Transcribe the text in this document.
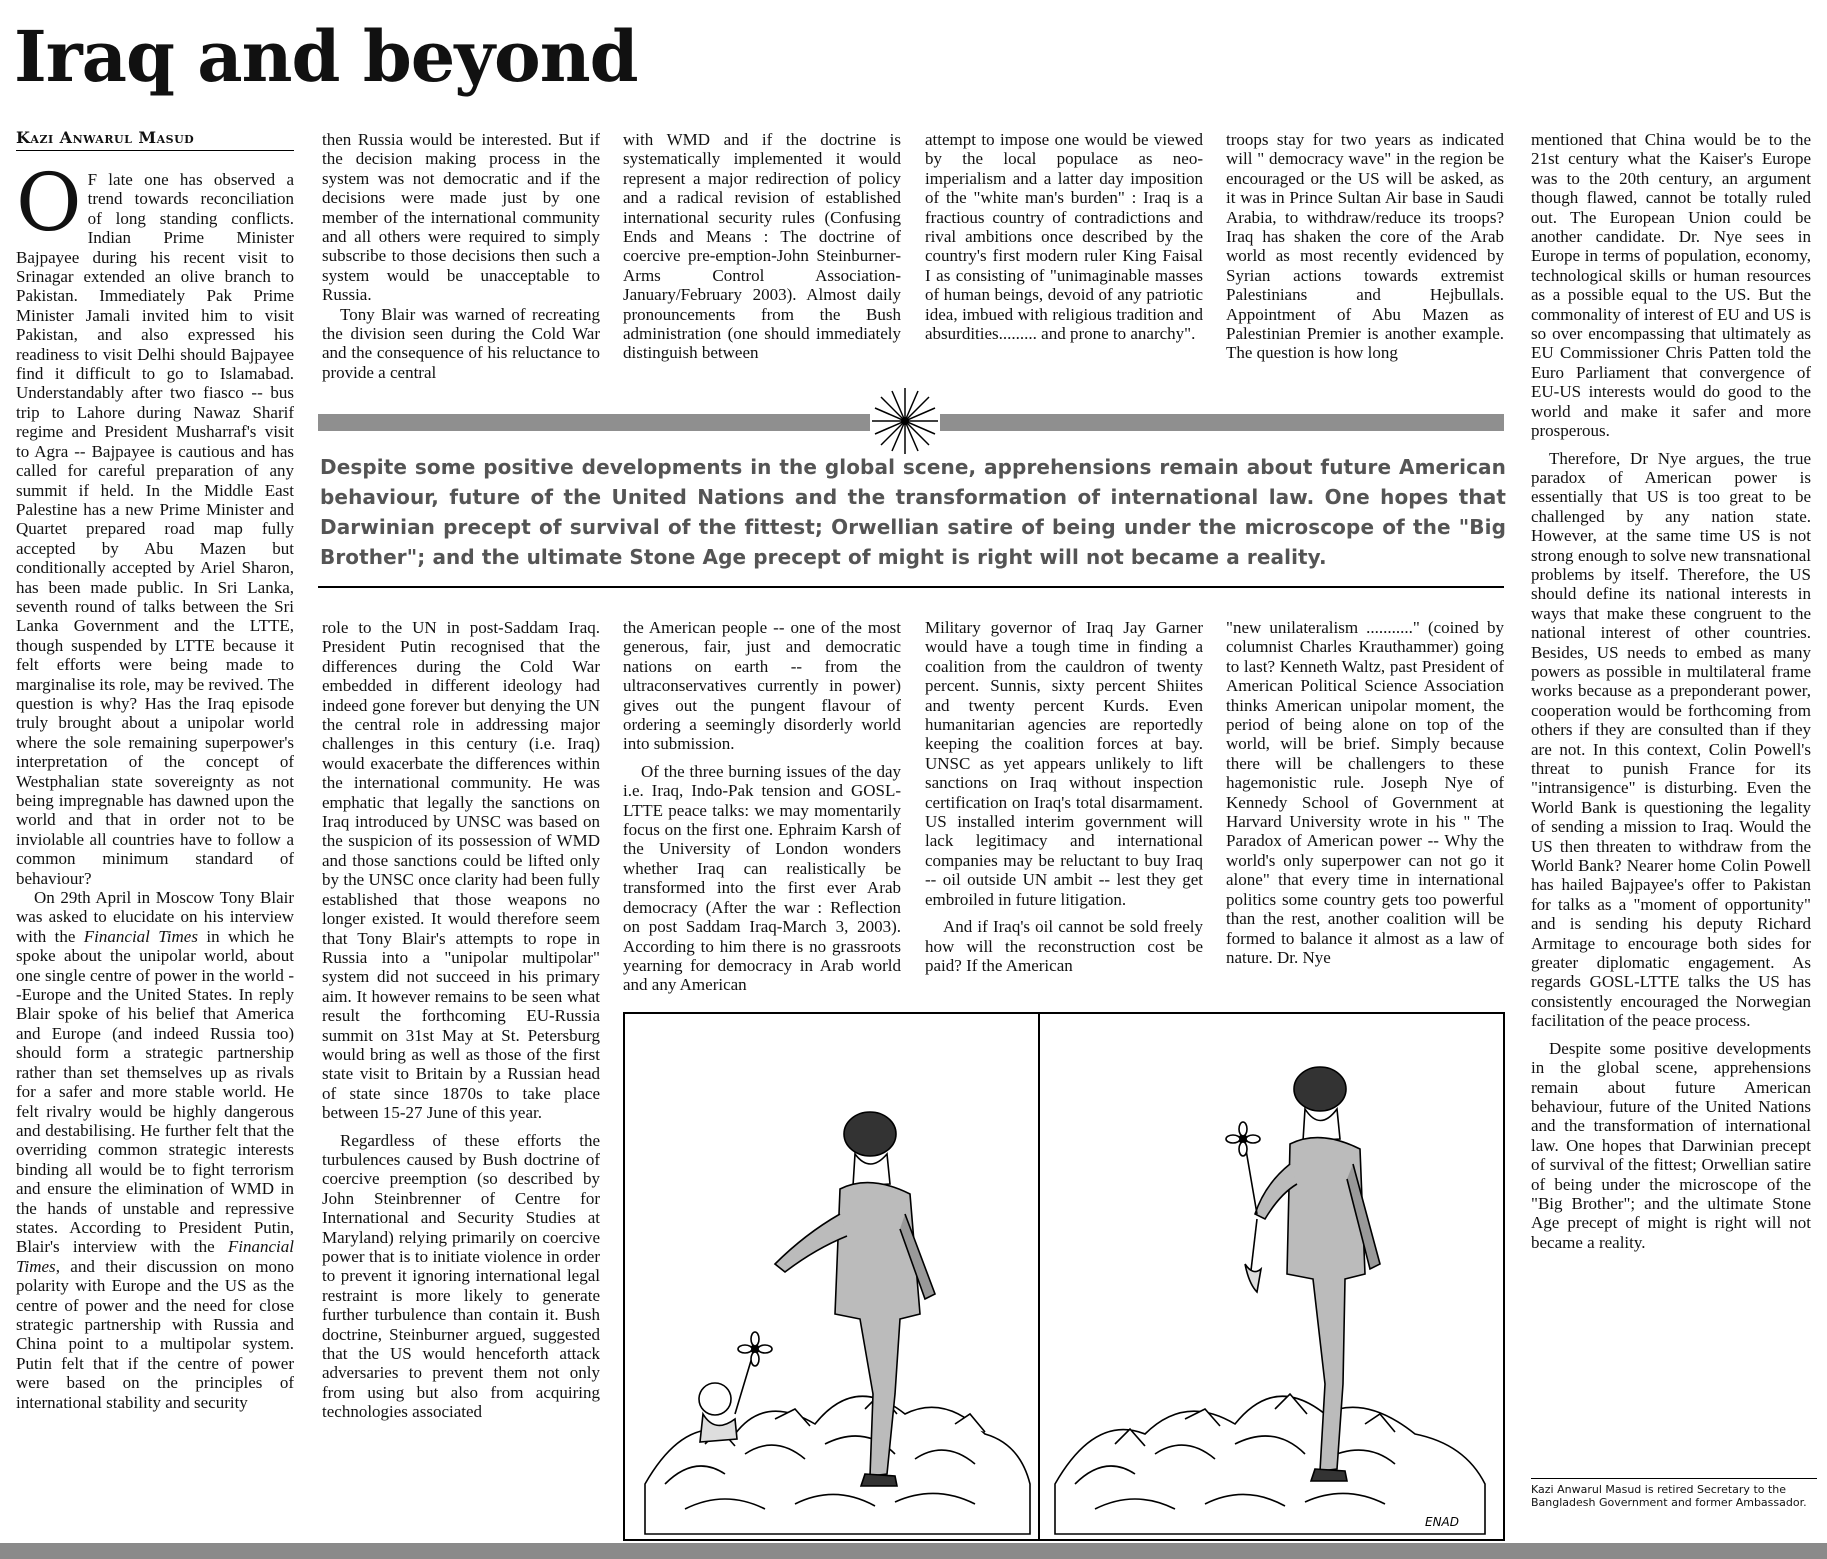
Iraq and beyond
Kazi Anwarul Masud

O F late one has observed a trend towards reconciliation of long standing conflicts. Indian Prime Minister Bajpayee during his recent visit to Srinagar extended an olive branch to Pakistan. Immediately Pak Prime Minister Jamali invited him to visit Pakistan, and also expressed his readiness to visit Delhi should Bajpayee find it difficult to go to Islamabad. Understandably after two fiasco -- bus trip to Lahore during Nawaz Sharif regime and President Musharraf's visit to Agra -- Bajpayee is cautious and has called for careful preparation of any summit if held. In the Middle East Palestine has a new Prime Minister and Quartet prepared road map fully accepted by Abu Mazen but conditionally accepted by Ariel Sharon, has been made public. In Sri Lanka, seventh round of talks between the Sri Lanka Government and the LTTE, though suspended by LTTE because it felt efforts were being made to marginalise its role, may be revived. The question is why? Has the Iraq episode truly brought about a unipolar world where the sole remaining superpower's interpretation of the concept of Westphalian state sovereignty as not being impregnable has dawned upon the world and that in order not to be inviolable all countries have to follow a common minimum standard of behaviour?

On 29th April in Moscow Tony Blair was asked to elucidate on his interview with the Financial Times in which he spoke about the unipolar world, about one single centre of power in the world --Europe and the United States. In reply Blair spoke of his belief that America and Europe (and indeed Russia too) should form a strategic partnership rather than set themselves up as rivals for a safer and more stable world. He felt rivalry would be highly dangerous and destabilising. He further felt that the overriding common strategic interests binding all would be to fight terrorism and ensure the elimination of WMD in the hands of unstable and repressive states. According to President Putin, Blair's interview with the Financial Times, and their discussion on mono polarity with Europe and the US as the centre of power and the need for close strategic partnership with Russia and China point to a multipolar system. Putin felt that if the centre of power were based on the principles of international stability and security

then Russia would be interested. But if the decision making process in the system was not democratic and if the decisions were made just by one member of the international community and all others were required to simply subscribe to those decisions then such a system would be unacceptable to Russia.

Tony Blair was warned of recreating the division seen during the Cold War and the consequence of his reluctance to provide a central

with WMD and if the doctrine is systematically implemented it would represent a major redirection of policy and a radical revision of established international security rules (Confusing Ends and Means : The doctrine of coercive pre-emption-John Steinburner-Arms Control Association-January/February 2003). Almost daily pronouncements from the Bush administration (one should immediately distinguish between

attempt to impose one would be viewed by the local populace as neo-imperialism and a latter day imposition of the "white man's burden" : Iraq is a fractious country of contradictions and rival ambitions once described by the country's first modern ruler King Faisal I as consisting of "unimaginable masses of human beings, devoid of any patriotic idea, imbued with religious tradition and absurdities......... and prone to anarchy".

troops stay for two years as indicated will " democracy wave" in the region be encouraged or the US will be asked, as it was in Prince Sultan Air base in Saudi Arabia, to withdraw/reduce its troops? Iraq has shaken the core of the Arab world as most recently evidenced by Syrian actions towards extremist Palestinians and Hejbullals. Appointment of Abu Mazen as Palestinian Premier is another example. The question is how long

Despite some positive developments in the global scene, apprehensions remain about future American behaviour, future of the United Nations and the transformation of international law. One hopes that Darwinian precept of survival of the fittest; Orwellian satire of being under the microscope of the "Big Brother"; and the ultimate Stone Age precept of might is right will not became a reality.

role to the UN in post-Saddam Iraq. President Putin recognised that the differences during the Cold War embedded in different ideology had indeed gone forever but denying the UN the central role in addressing major challenges in this century (i.e. Iraq) would exacerbate the differences within the international community. He was emphatic that legally the sanctions on Iraq introduced by UNSC was based on the suspicion of its possession of WMD and those sanctions could be lifted only by the UNSC once clarity had been fully established that those weapons no longer existed. It would therefore seem that Tony Blair's attempts to rope in Russia into a "unipolar multipolar" system did not succeed in his primary aim. It however remains to be seen what result the forthcoming EU-Russia summit on 31st May at St. Petersburg would bring as well as those of the first state visit to Britain by a Russian head of state since 1870s to take place between 15-27 June of this year.

Regardless of these efforts the turbulences caused by Bush doctrine of coercive preemption (so described by John Steinbrenner of Centre for International and Security Studies at Maryland) relying primarily on coercive power that is to initiate violence in order to prevent it ignoring international legal restraint is more likely to generate further turbulence than contain it. Bush doctrine, Steinburner argued, suggested that the US would henceforth attack adversaries to prevent them not only from using but also from acquiring technologies associated

the American people -- one of the most generous, fair, just and democratic nations on earth -- from the ultraconservatives currently in power) gives out the pungent flavour of ordering a seemingly disorderly world into submission.

Of the three burning issues of the day i.e. Iraq, Indo-Pak tension and GOSL-LTTE peace talks: we may momentarily focus on the first one. Ephraim Karsh of the University of London wonders whether Iraq can realistically be transformed into the first ever Arab democracy (After the war : Reflection on post Saddam Iraq-March 3, 2003). According to him there is no grassroots yearning for democracy in Arab world and any American

Military governor of Iraq Jay Garner would have a tough time in finding a coalition from the cauldron of twenty percent. Sunnis, sixty percent Shiites and twenty percent Kurds. Even humanitarian agencies are reportedly keeping the coalition forces at bay. UNSC as yet appears unlikely to lift sanctions on Iraq without inspection certification on Iraq's total disarmament. US installed interim government will lack legitimacy and international companies may be reluctant to buy Iraq -- oil outside UN ambit -- lest they get embroiled in future litigation.

And if Iraq's oil cannot be sold freely how will the reconstruction cost be paid? If the American

"new unilateralism ..........." (coined by columnist Charles Krauthammer) going to last? Kenneth Waltz, past President of American Political Science Association thinks American unipolar moment, the period of being alone on top of the world, will be brief. Simply because there will be challengers to these hagemonistic rule. Joseph Nye of Kennedy School of Government at Harvard University wrote in his " The Paradox of American power -- Why the world's only superpower can not go it alone" that every time in international politics some country gets too powerful than the rest, another coalition will be formed to balance it almost as a law of nature. Dr. Nye

mentioned that China would be to the 21st century what the Kaiser's Europe was to the 20th century, an argument though flawed, cannot be totally ruled out. The European Union could be another candidate. Dr. Nye sees in Europe in terms of population, economy, technological skills or human resources as a possible equal to the US. But the commonality of interest of EU and US is so over encompassing that ultimately as EU Commissioner Chris Patten told the Euro Parliament that convergence of EU-US interests would do good to the world and make it safer and more prosperous.

Therefore, Dr Nye argues, the true paradox of American power is essentially that US is too great to be challenged by any nation state. However, at the same time US is not strong enough to solve new transnational problems by itself. Therefore, the US should define its national interests in ways that make these congruent to the national interest of other countries. Besides, US needs to embed as many powers as possible in multilateral frame works because as a preponderant power, cooperation would be forthcoming from others if they are consulted than if they are not. In this context, Colin Powell's threat to punish France for its "intransigence" is disturbing. Even the World Bank is questioning the legality of sending a mission to Iraq. Would the US then threaten to withdraw from the World Bank? Nearer home Colin Powell has hailed Bajpayee's offer to Pakistan for talks as a "moment of opportunity" and is sending his deputy Richard Armitage to encourage both sides for greater diplomatic engagement. As regards GOSL-LTTE talks the US has consistently encouraged the Norwegian facilitation of the peace process.

Despite some positive developments in the global scene, apprehensions remain about future American behaviour, future of the United Nations and the transformation of international law. One hopes that Darwinian precept of survival of the fittest; Orwellian satire of being under the microscope of the "Big Brother"; and the ultimate Stone Age precept of might is right will not became a reality.

Kazi Anwarul Masud is retired Secretary to the Bangladesh Government and former Ambassador.
ENAD
